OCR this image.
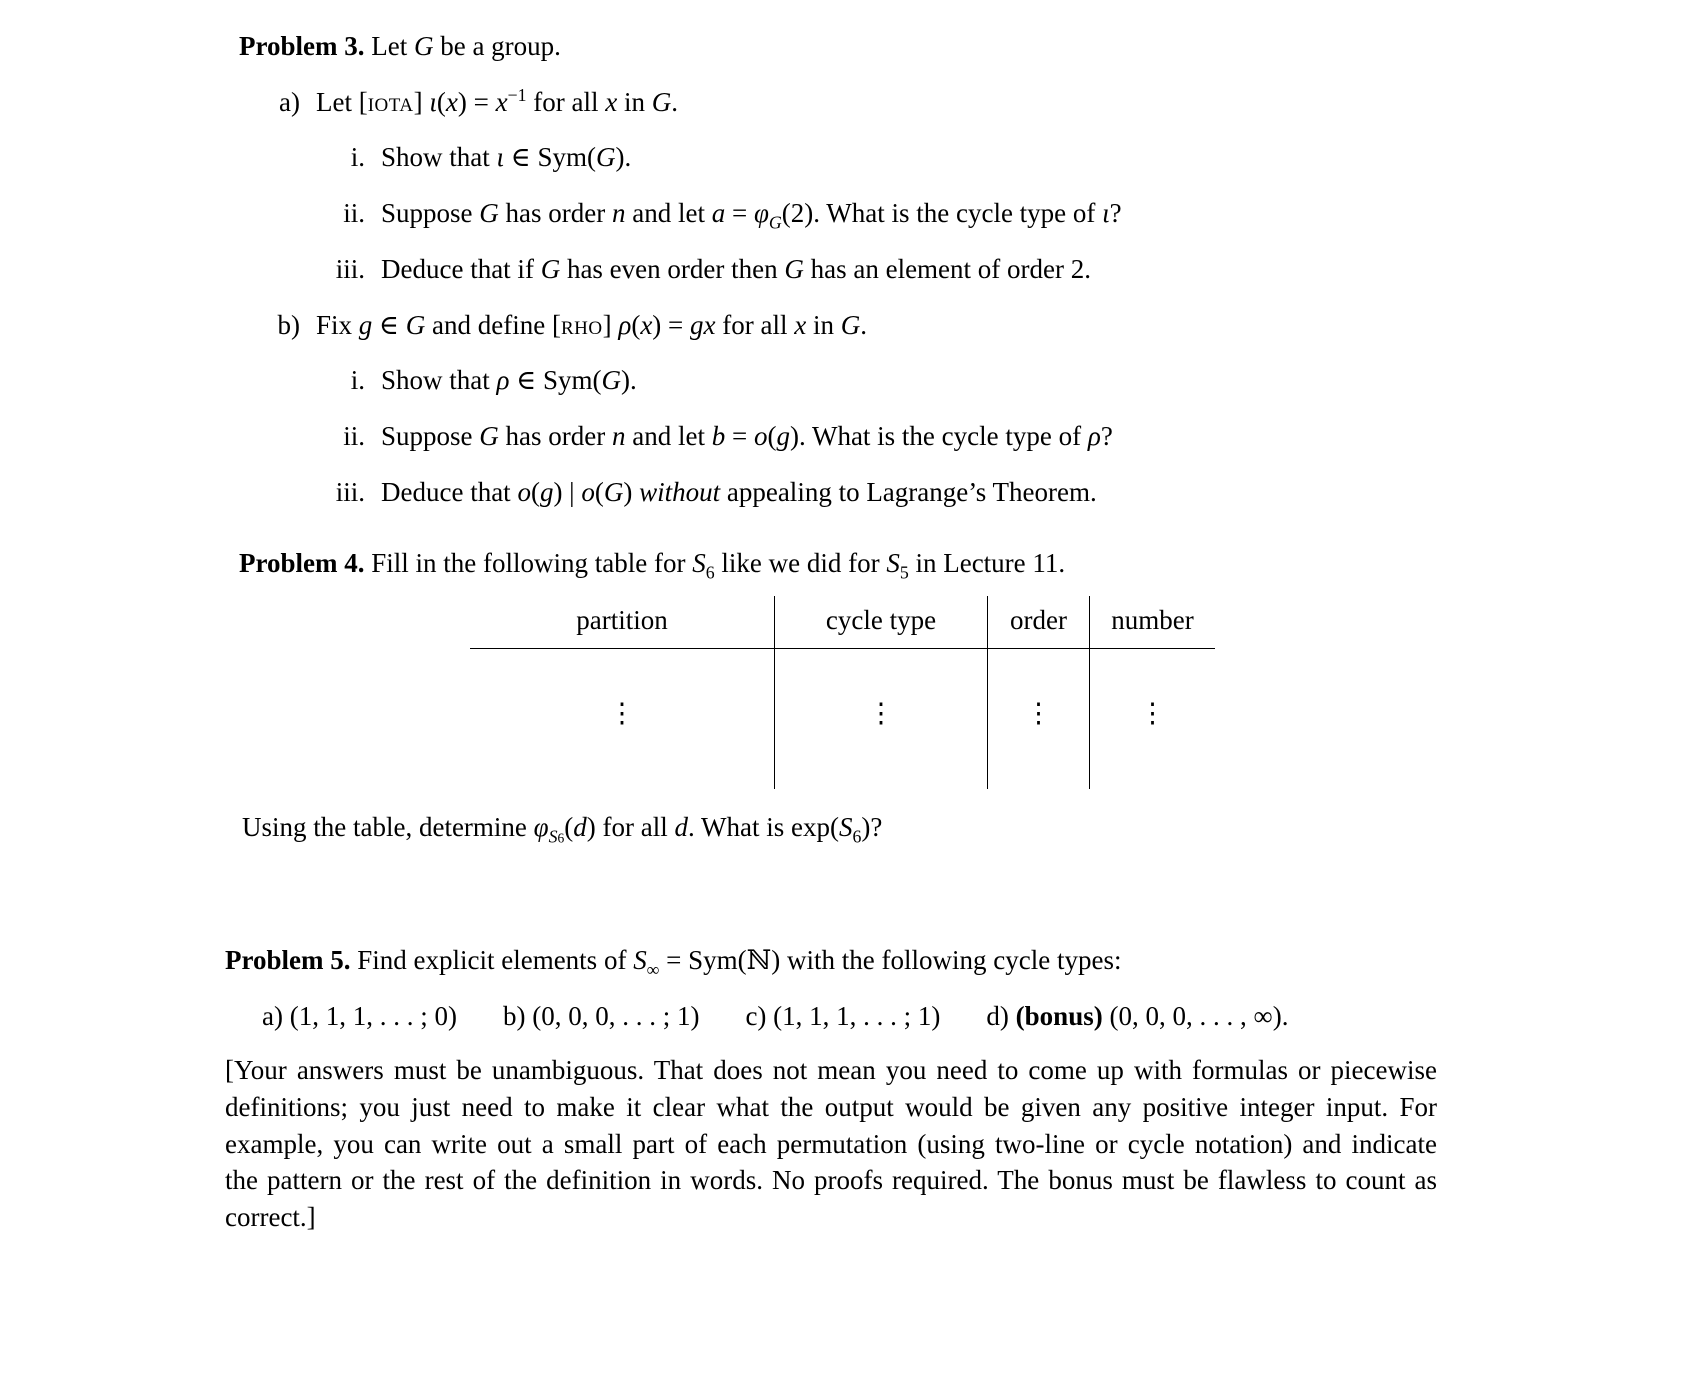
Problem 3. Let G be a group.

a) Let [iota] $\iota(x) = x^{-1}$ for all x in G.
i. Show that ι ∈ Sym(G).
ii. Suppose G has order n and let $a = \varphi_G(2)$. What is the cycle type of ι?
iii. Deduce that if G has even order then G has an element of order 2.
b) Fix g ∈ G and define [rho] ρ(x) = gx for all x in G.
i. Show that ρ ∈ Sym(G).
ii. Suppose G has order n and let b = o(g). What is the cycle type of ρ?
iii. Deduce that o(g) | o(G) without appealing to Lagrange’s Theorem.

Problem 4. Fill in the following table for $S_6$ like we did for $S_5$ in Lecture 11.

partition	cycle type	order	number
⋮	⋮	⋮	⋮

Using the table, determine $\varphi_{S6}(d)$ for all d. What is $\exp(S_6)$?

Problem 5. Find explicit elements of $S_\infty$ = Sym(ℕ) with the following cycle types:

a) (1, 1, 1, . . . ; 0) b) (0, 0, 0, . . . ; 1) c) (1, 1, 1, . . . ; 1) d) (bonus) (0, 0, 0, . . . , ∞).

[Your answers must be unambiguous. That does not mean you need to come up with formulas or piecewise definitions; you just need to make it clear what the output would be given any positive integer input. For example, you can write out a small part of each permutation (using two-line or cycle notation) and indicate the pattern or the rest of the definition in words. No proofs required. The bonus must be flawless to count as correct.]
